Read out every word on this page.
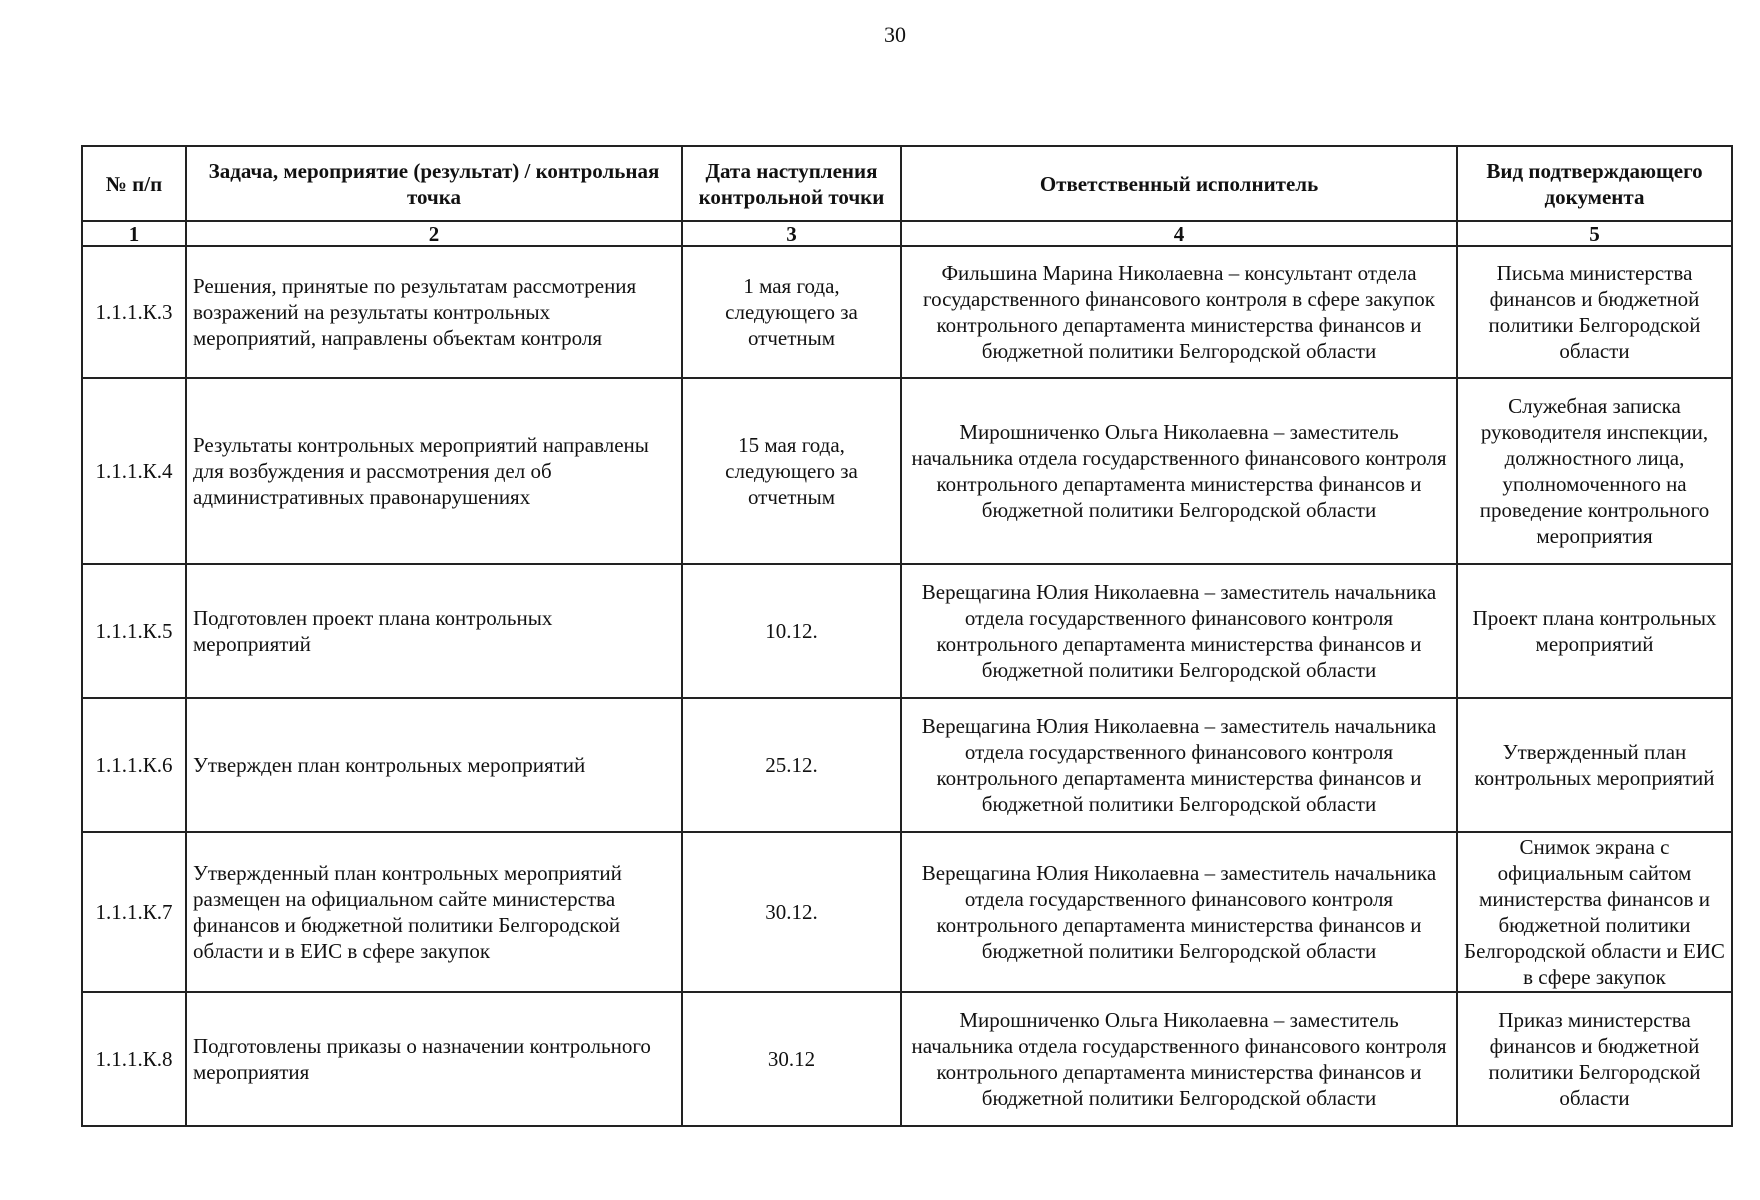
30
№ п/п	Задача, мероприятие (результат) / контрольная точка	Дата наступления контрольной точки	Ответственный исполнитель	Вид подтверждающего документа
1	2	3	4	5
1.1.1.К.3	Решения, принятые по результатам рассмотрения возражений на результаты контрольных мероприятий, направлены объектам контроля	1 мая года, следующего за отчетным	Фильшина Марина Николаевна – консультант отдела государственного финансового контроля в сфере закупок контрольного департамента министерства финансов и бюджетной политики Белгородской области	Письма министерства финансов и бюджетной политики Белгородской области
1.1.1.К.4	Результаты контрольных мероприятий направлены для возбуждения и рассмотрения дел об административных правонарушениях	15 мая года, следующего за отчетным	Мирошниченко Ольга Николаевна – заместитель начальника отдела государственного финансового контроля контрольного департамента министерства финансов и бюджетной политики Белгородской области	Служебная записка руководителя инспекции, должностного лица, уполномоченного на проведение контрольного мероприятия
1.1.1.К.5	Подготовлен проект плана контрольных мероприятий	10.12.	Верещагина Юлия Николаевна – заместитель начальника отдела государственного финансового контроля контрольного департамента министерства финансов и бюджетной политики Белгородской области	Проект плана контрольных мероприятий
1.1.1.К.6	Утвержден план контрольных мероприятий	25.12.	Верещагина Юлия Николаевна – заместитель начальника отдела государственного финансового контроля контрольного департамента министерства финансов и бюджетной политики Белгородской области	Утвержденный план контрольных мероприятий
1.1.1.К.7	Утвержденный план контрольных мероприятий размещен на официальном сайте министерства финансов и бюджетной политики Белгородской области и в ЕИС в сфере закупок	30.12.	Верещагина Юлия Николаевна – заместитель начальника отдела государственного финансового контроля контрольного департамента министерства финансов и бюджетной политики Белгородской области	Снимок экрана с официальным сайтом министерства финансов и бюджетной политики Белгородской области и ЕИС в сфере закупок
1.1.1.К.8	Подготовлены приказы о назначении контрольного мероприятия	30.12	Мирошниченко Ольга Николаевна – заместитель начальника отдела государственного финансового контроля контрольного департамента министерства финансов и бюджетной политики Белгородской области	Приказ министерства финансов и бюджетной политики Белгородской области
